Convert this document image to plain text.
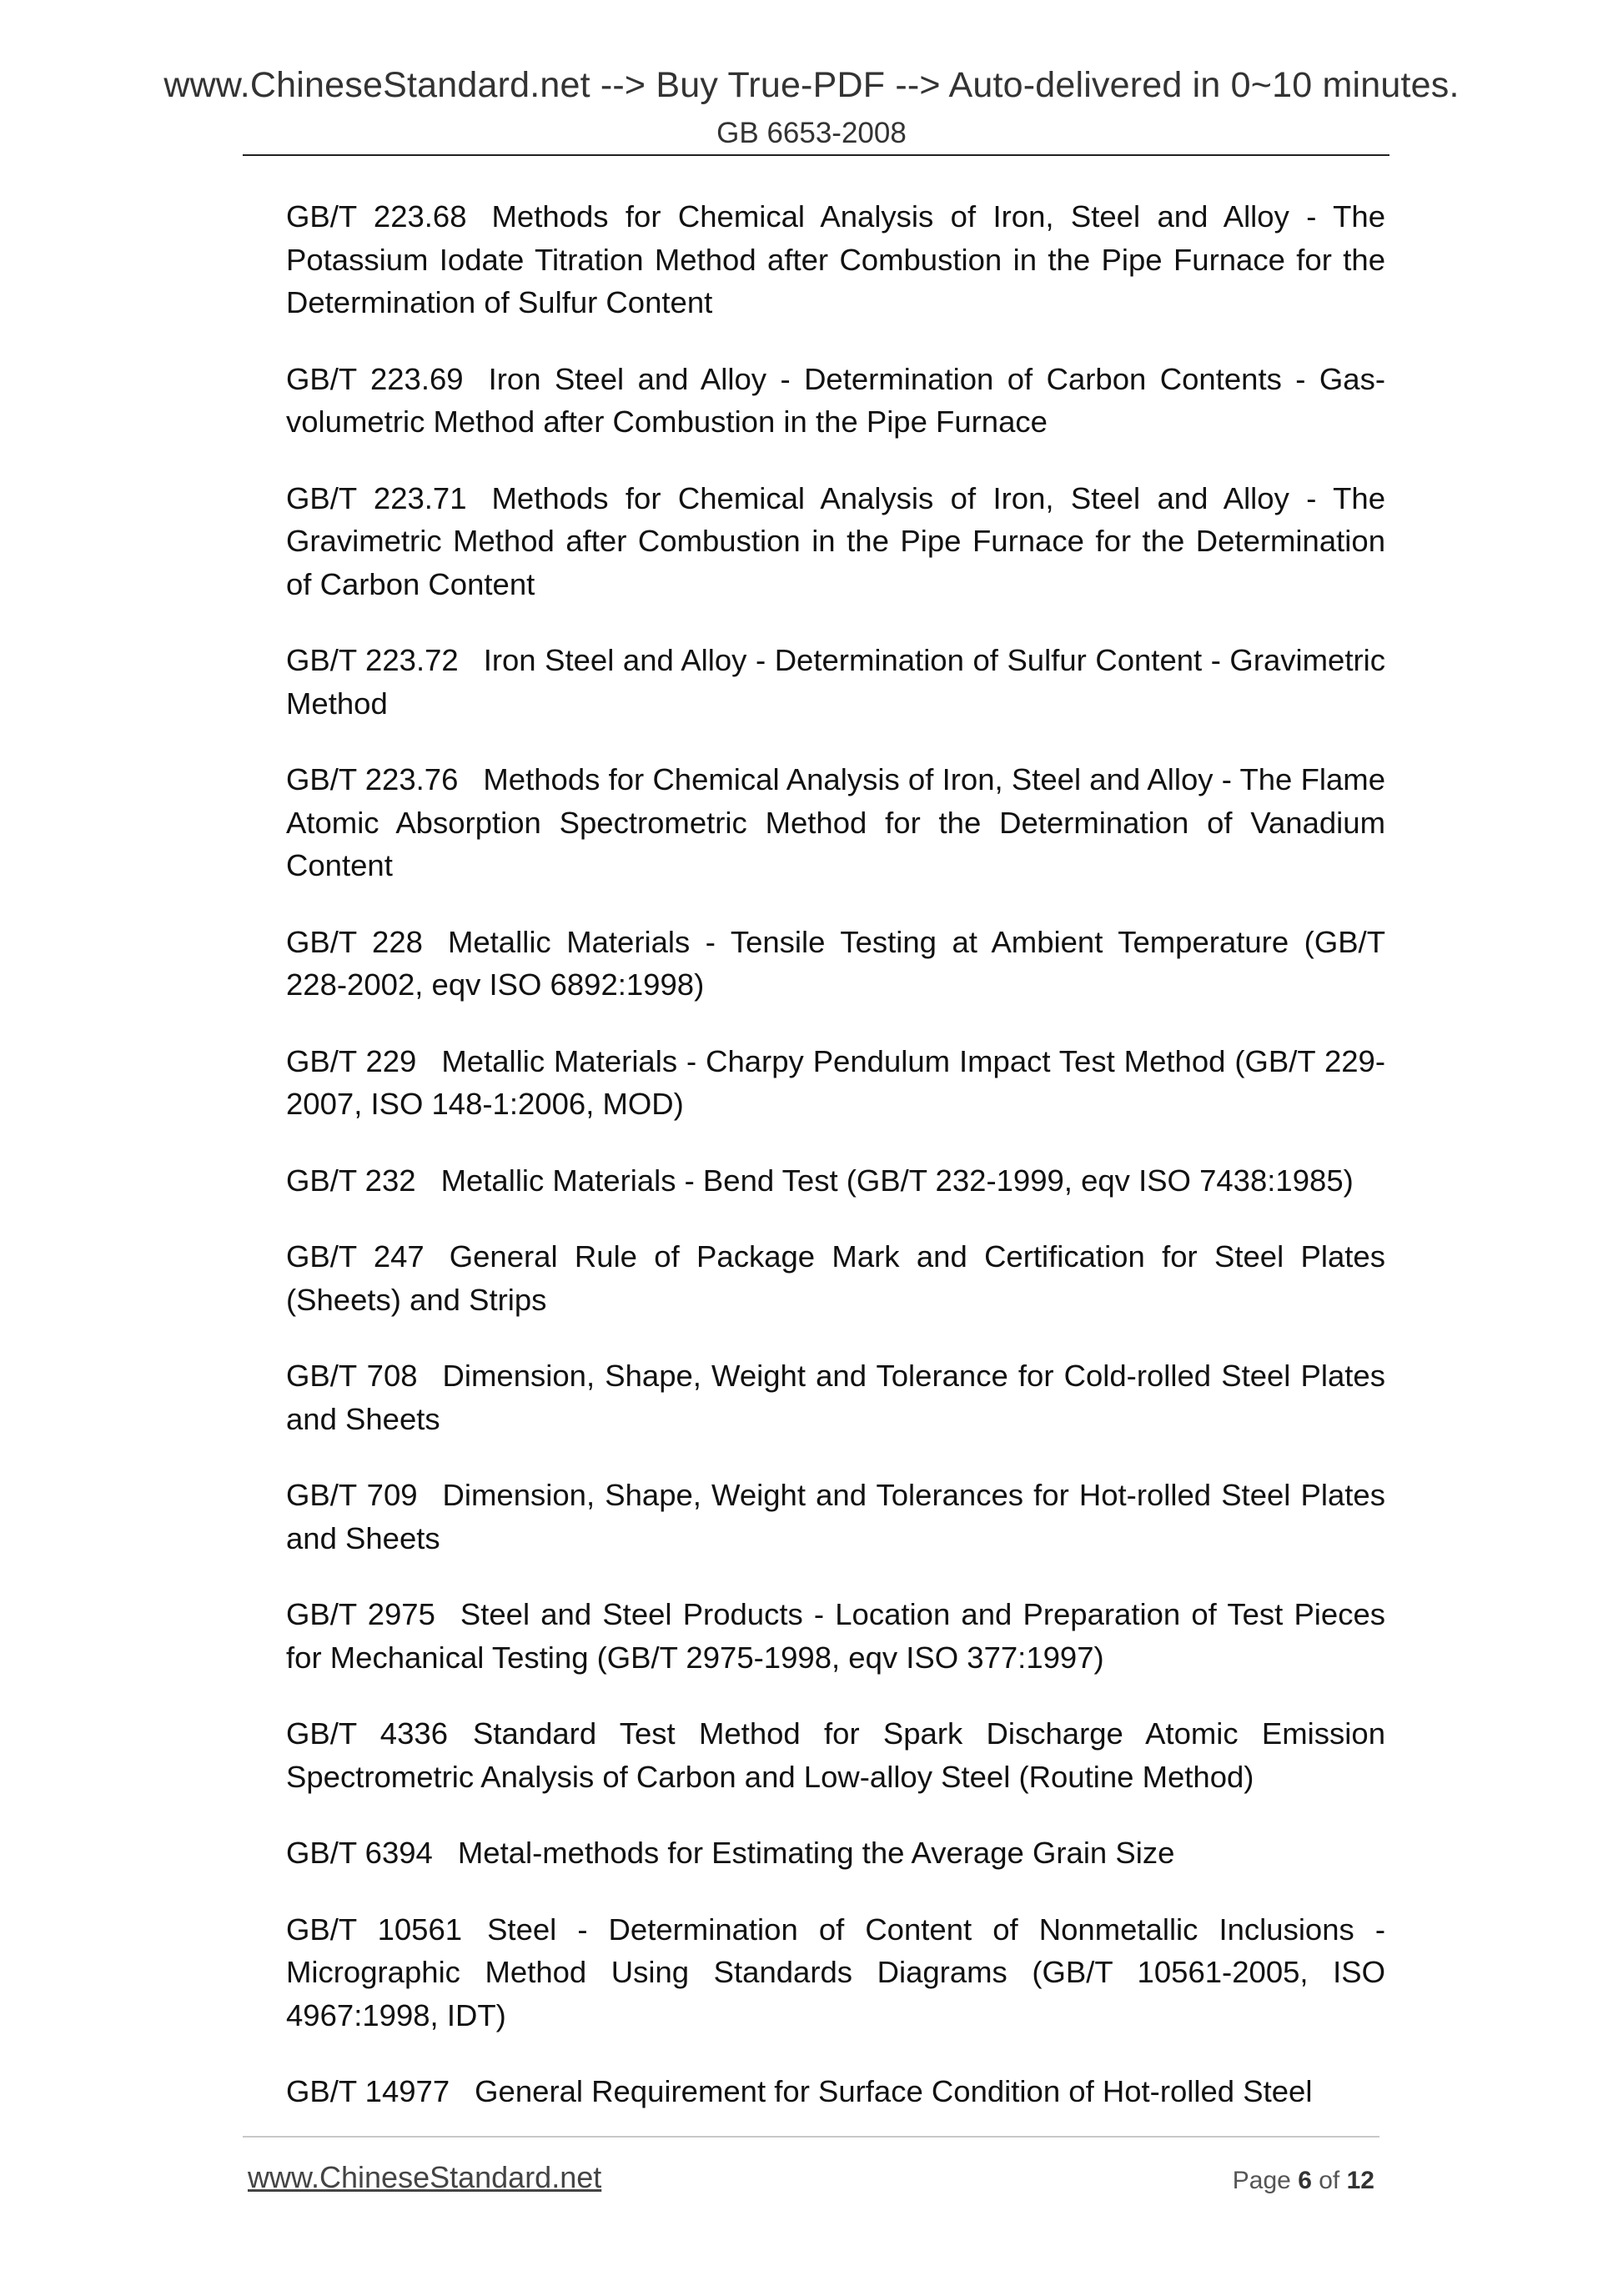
www.ChineseStandard.net --> Buy True-PDF --> Auto-delivered in 0~10 minutes.
GB 6653-2008

GB/T 223.68 Methods for Chemical Analysis of Iron, Steel and Alloy - The Potassium Iodate Titration Method after Combustion in the Pipe Furnace for the Determination of Sulfur Content

GB/T 223.69 Iron Steel and Alloy - Determination of Carbon Contents - Gas-volumetric Method after Combustion in the Pipe Furnace

GB/T 223.71 Methods for Chemical Analysis of Iron, Steel and Alloy - The Gravimetric Method after Combustion in the Pipe Furnace for the Determination of Carbon Content

GB/T 223.72 Iron Steel and Alloy - Determination of Sulfur Content - Gravimetric Method

GB/T 223.76 Methods for Chemical Analysis of Iron, Steel and Alloy - The Flame Atomic Absorption Spectrometric Method for the Determination of Vanadium Content

GB/T 228 Metallic Materials - Tensile Testing at Ambient Temperature (GB/T 228-2002, eqv ISO 6892:1998)

GB/T 229 Metallic Materials - Charpy Pendulum Impact Test Method (GB/T 229-2007, ISO 148-1:2006, MOD)

GB/T 232 Metallic Materials - Bend Test (GB/T 232-1999, eqv ISO 7438:1985)

GB/T 247 General Rule of Package Mark and Certification for Steel Plates (Sheets) and Strips

GB/T 708 Dimension, Shape, Weight and Tolerance for Cold-rolled Steel Plates and Sheets

GB/T 709 Dimension, Shape, Weight and Tolerances for Hot-rolled Steel Plates and Sheets

GB/T 2975 Steel and Steel Products - Location and Preparation of Test Pieces for Mechanical Testing (GB/T 2975-1998, eqv ISO 377:1997)

GB/T 4336 Standard Test Method for Spark Discharge Atomic Emission Spectrometric Analysis of Carbon and Low-alloy Steel (Routine Method)

GB/T 6394 Metal-methods for Estimating the Average Grain Size

GB/T 10561 Steel - Determination of Content of Nonmetallic Inclusions - Micrographic Method Using Standards Diagrams (GB/T 10561-2005, ISO 4967:1998, IDT)

GB/T 14977 General Requirement for Surface Condition of Hot-rolled Steel

www.ChineseStandard.net	Page 6 of 12
